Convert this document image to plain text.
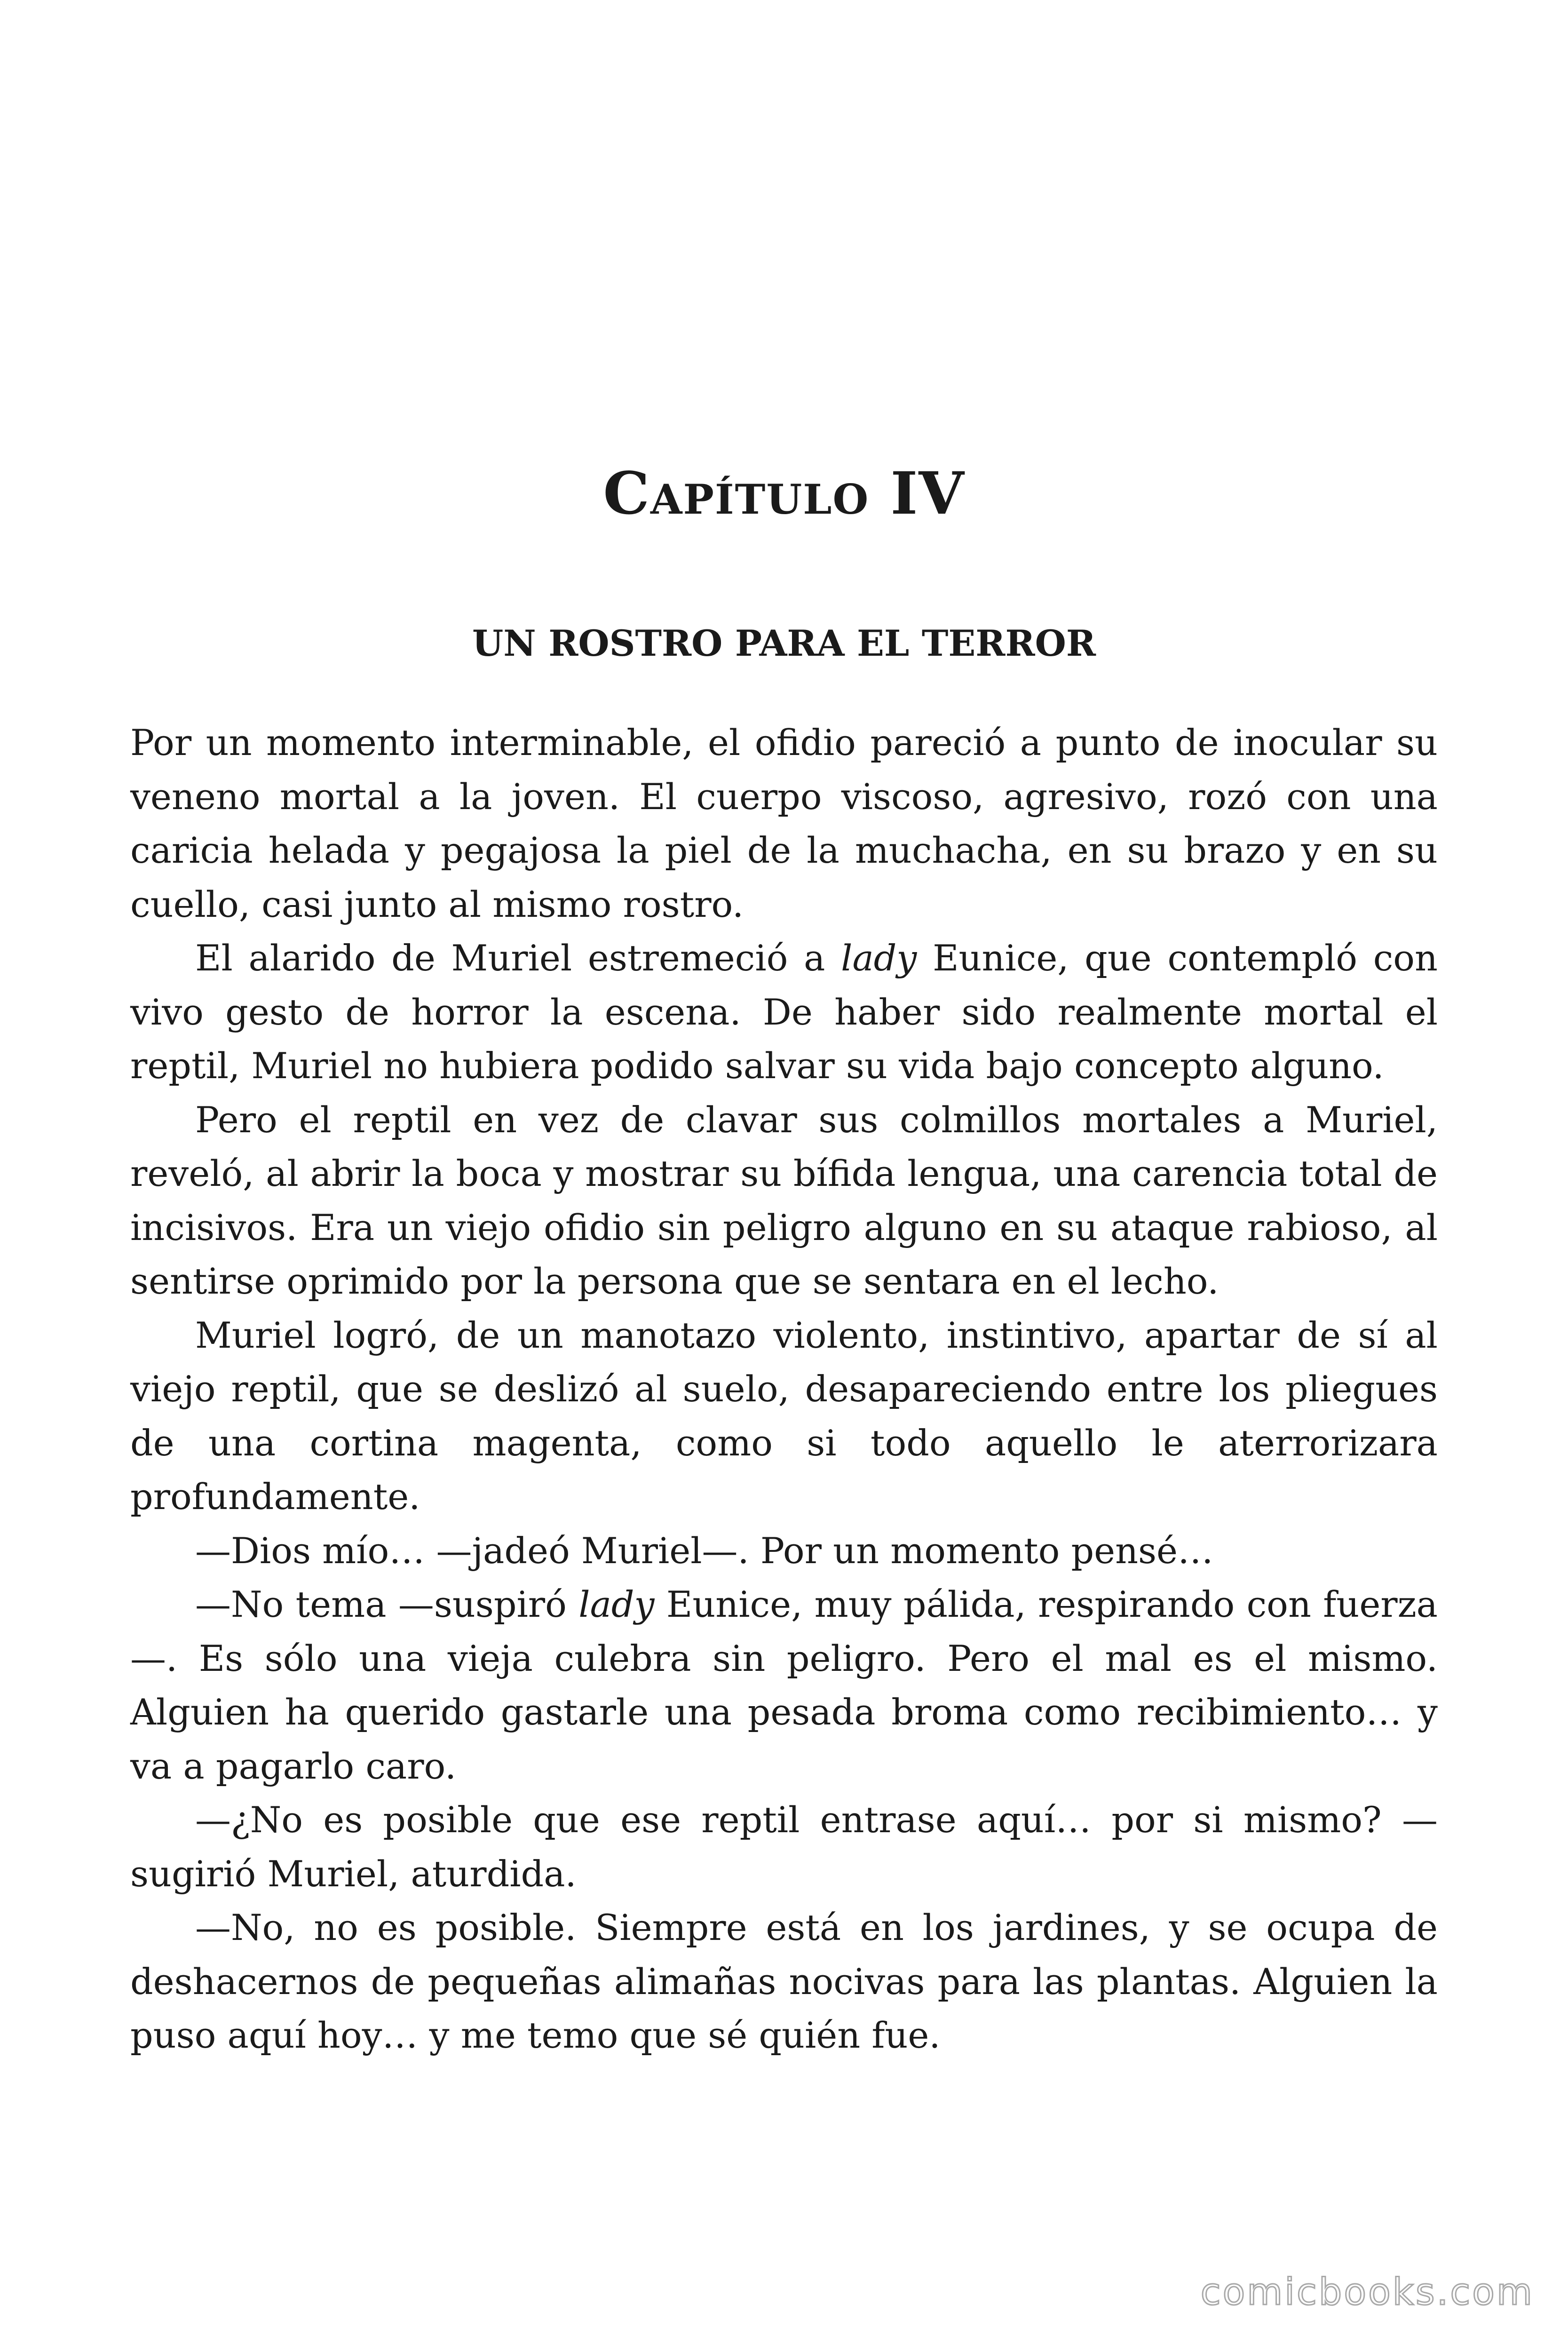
Capítulo IV
UN ROSTRO PARA EL TERROR

Por un momento interminable, el ofidio pareció a punto de inocular su veneno mortal a la joven. El cuerpo viscoso, agresivo, rozó con una caricia helada y pegajosa la piel de la muchacha, en su brazo y en su cuello, casi junto al mismo rostro.

El alarido de Muriel estremeció a lady Eunice, que contempló con vivo gesto de horror la escena. De haber sido realmente mortal el reptil, Muriel no hubiera podido salvar su vida bajo concepto alguno.

Pero el reptil en vez de clavar sus colmillos mortales a Muriel, reveló, al abrir la boca y mostrar su bífida lengua, una carencia total de incisivos. Era un viejo ofidio sin peligro alguno en su ataque rabioso, al sentirse oprimido por la persona que se sentara en el lecho.

Muriel logró, de un manotazo violento, instintivo, apartar de sí al viejo reptil, que se deslizó al suelo, desapareciendo entre los pliegues de una cortina magenta, como si todo aquello le aterrorizara profundamente.

—Dios mío… —jadeó Muriel—. Por un momento pensé…

—No tema —suspiró lady Eunice, muy pálida, respirando con fuerza—. Es sólo una vieja culebra sin peligro. Pero el mal es el mismo. Alguien ha querido gastarle una pesada broma como recibimiento… y va a pagarlo caro.

—¿No es posible que ese reptil entrase aquí… por si mismo? —sugirió Muriel, aturdida.

—No, no es posible. Siempre está en los jardines, y se ocupa de deshacernos de pequeñas alimañas nocivas para las plantas. Alguien la puso aquí hoy… y me temo que sé quién fue.

comicbooks.com
